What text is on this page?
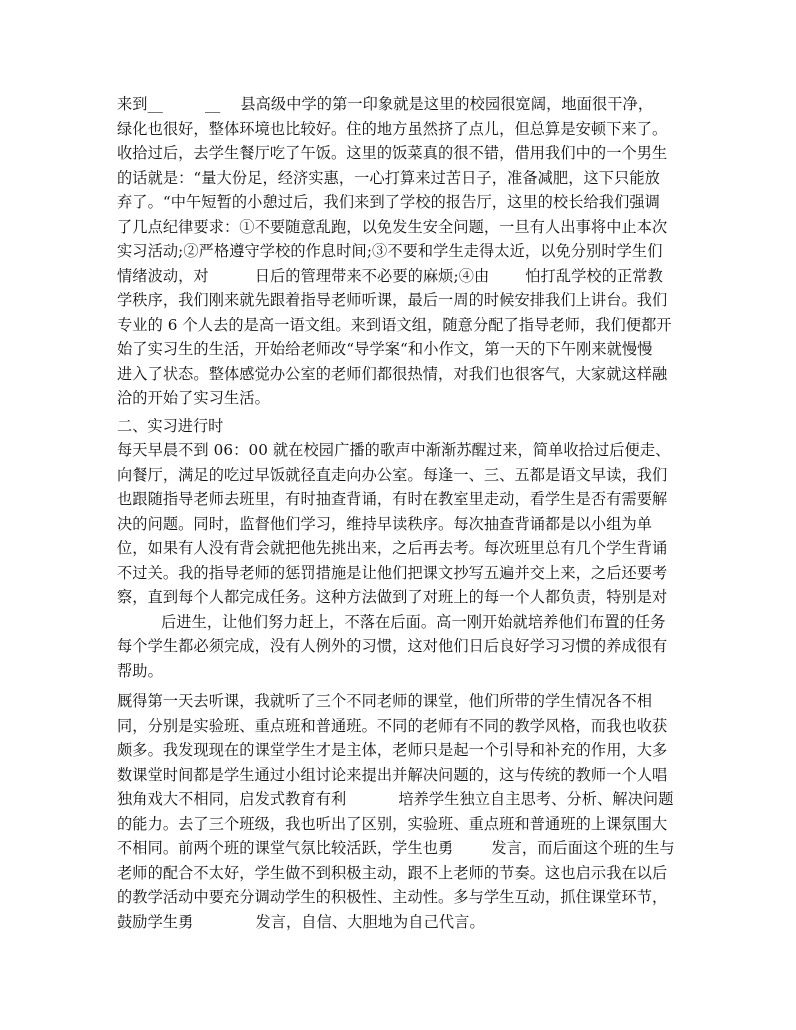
来到__	__ 县高级中学的第一印象就是这里的校园很宽阔，地面很干净，
绿化也很好，整体环境也比较好。住的地方虽然挤了点儿，但总算是安顿下来了。
收拾过后，去学生餐厅吃了午饭。这里的饭菜真的很不错，借用我们中的一个男生
的话就是：“量大份足，经济实惠，一心打算来过苦日子，准备减肥，这下只能放
弃了。“中午短暂的小憩过后，我们来到了学校的报告厅，这里的校长给我们强调
了几点纪律要求：①不要随意乱跑，以免发生安全问题，一旦有人出事将中止本次
实习活动;②严格遵守学校的作息时间;③不要和学生走得太近，以免分别时学生们
情绪波动，对	日后的管理带来不必要的麻烦;④由 怕打乱学校的正常教
学秩序，我们刚来就先跟着指导老师听课，最后一周的时候安排我们上讲台。我们
专业的 6 个人去的是高一语文组。来到语文组，随意分配了指导老师，我们便都开
始了实习生的生活，开始给老师改“导学案“和小作文，第一天的下午刚来就慢慢
进入了状态。整体感觉办公室的老师们都很热情，对我们也很客气，大家就这样融
洽的开始了实习生活。
二、实习进行时
每天早晨不到 06：00 就在校园广播的歌声中渐渐苏醒过来，简单收拾过后便走、
向餐厅，满足的吃过早饭就径直走向办公室。每逢一、三、五都是语文早读，我们
也跟随指导老师去班里，有时抽查背诵，有时在教室里走动，看学生是否有需要解
决的问题。同时，监督他们学习，维持早读秩序。每次抽查背诵都是以小组为单
位，如果有人没有背会就把他先挑出来，之后再去考。每次班里总有几个学生背诵
不过关。我的指导老师的惩罚措施是让他们把课文抄写五遍并交上来，之后还要考
察，直到每个人都完成任务。这种方法做到了对班上的每一个人都负责，特别是对
后进生，让他们努力赶上，不落在后面。高一刚开始就培养他们布置的任务
每个学生都必须完成，没有人例外的习惯，这对他们日后良好学习习惯的养成很有
帮助。
厩得第一天去听课，我就听了三个不同老师的课堂，他们所带的学生情况各不相
同，分别是实验班、重点班和普通班。不同的老师有不同的教学风格，而我也收获
颇多。我发现现在的课堂学生才是主体，老师只是起一个引导和补充的作用，大多
数课堂时间都是学生通过小组讨论来提出并解决问题的，这与传统的教师一个人唱
独角戏大不相同，启发式教育有利	培养学生独立自主思考、分析、解决问题
的能力。去了三个班级，我也听出了区别，实验班、重点班和普通班的上课氛围大
不相同。前两个班的课堂气氛比较活跃，学生也勇	发言，而后面这个班的生与
老师的配合不太好，学生做不到积极主动，跟不上老师的节奏。这也启示我在以后
的教学活动中要充分调动学生的积极性、主动性。多与学生互动，抓住课堂环节，
鼓励学生勇	发言，自信、大胆地为自己代言。
